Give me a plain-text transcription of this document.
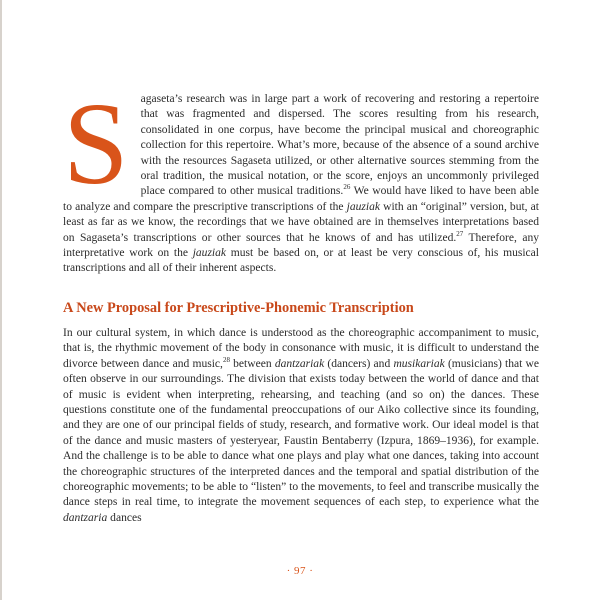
S agaseta’s research was in large part a work of recovering and restoring a repertoire that was fragmented and dispersed. The scores resulting from his research, consolidated in one corpus, have become the principal musical and choreographic collection for this repertoire. What’s more, because of the absence of a sound archive with the resources Sagaseta utilized, or other alternative sources stemming from the oral tradition, the musical notation, or the score, enjoys an uncommonly privileged place compared to other musical traditions.$^{26}$ We would have liked to have been able to analyze and compare the prescriptive transcriptions of the jauziak with an “original” version, but, at least as far as we know, the recordings that we have obtained are in themselves interpretations based on Sagaseta’s transcriptions or other sources that he knows of and has utilized.$^{27}$ Therefore, any interpretative work on the jauziak must be based on, or at least be very conscious of, his musical transcriptions and all of their inherent aspects.

A New Proposal for Prescriptive-Phonemic Transcription

In our cultural system, in which dance is understood as the choreographic accompaniment to music, that is, the rhythmic movement of the body in consonance with music, it is difficult to understand the divorce between dance and music,$^{28}$ between dantzariak (dancers) and musikariak (musicians) that we often observe in our surroundings. The division that exists today between the world of dance and that of music is evident when interpreting, rehearsing, and teaching (and so on) the dances. These questions constitute one of the fundamental preoccupations of our Aiko collective since its founding, and they are one of our principal fields of study, research, and formative work. Our ideal model is that of the dance and music masters of yesteryear, Faustin Bentaberry (Izpura, 1869–1936), for example. And the challenge is to be able to dance what one plays and play what one dances, taking into account the choreographic structures of the interpreted dances and the temporal and spatial distribution of the choreographic movements; to be able to “listen” to the movements, to feel and transcribe musically the dance steps in real time, to integrate the movement sequences of each step, to experience what the dantzaria dances

· 97 ·
